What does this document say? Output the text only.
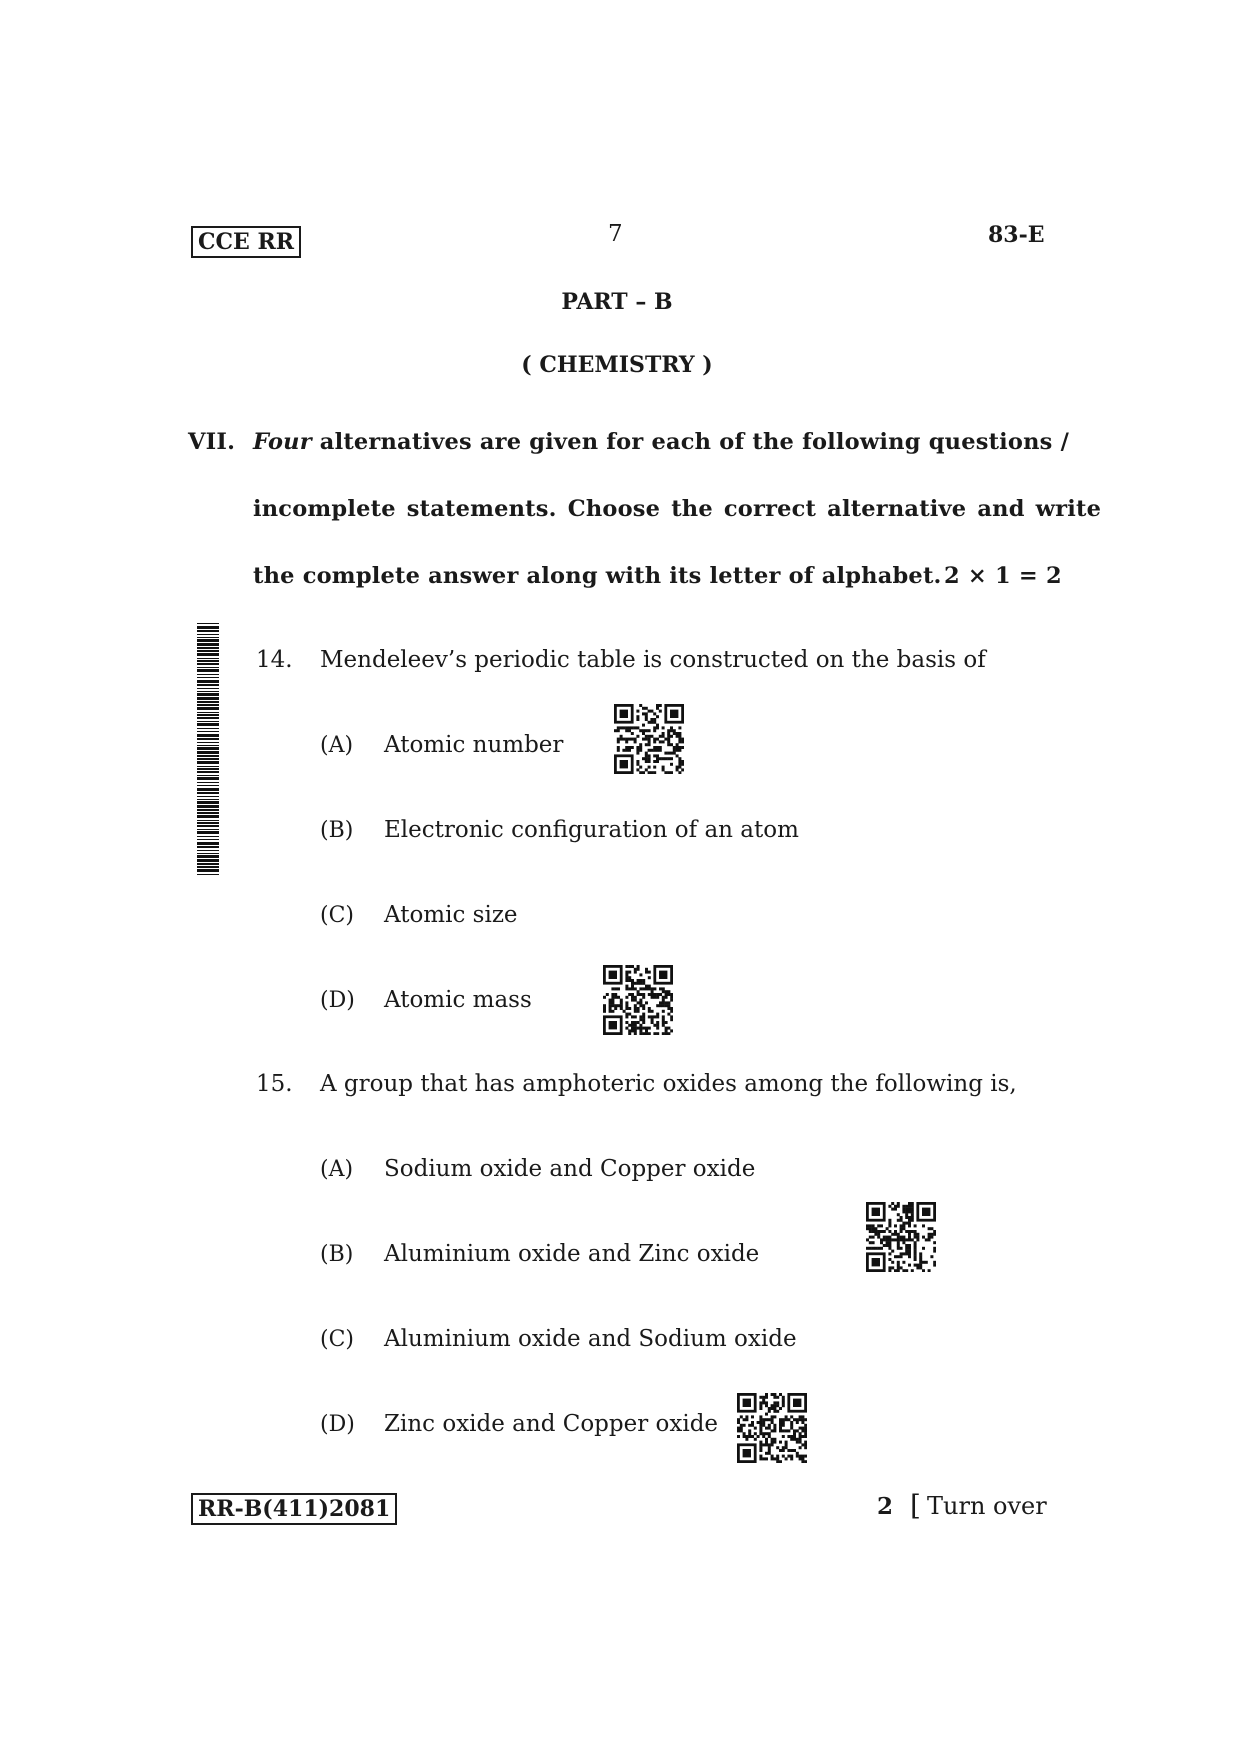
CCE RR	7	83-E
PART – B
( CHEMISTRY )
VII. Four alternatives are given for each of the following questions /
incomplete statements. Choose the correct alternative and write
the complete answer along with its letter of alphabet. 2 × 1 = 2
14. Mendeleev’s periodic table is constructed on the basis of
(A) Atomic number
(B) Electronic configuration of an atom
(C) Atomic size
(D) Atomic mass
15. A group that has amphoteric oxides among the following is,
(A) Sodium oxide and Copper oxide
(B) Aluminium oxide and Zinc oxide
(C) Aluminium oxide and Sodium oxide
(D) Zinc oxide and Copper oxide
RR-B(411)2081	2 [ Turn over
